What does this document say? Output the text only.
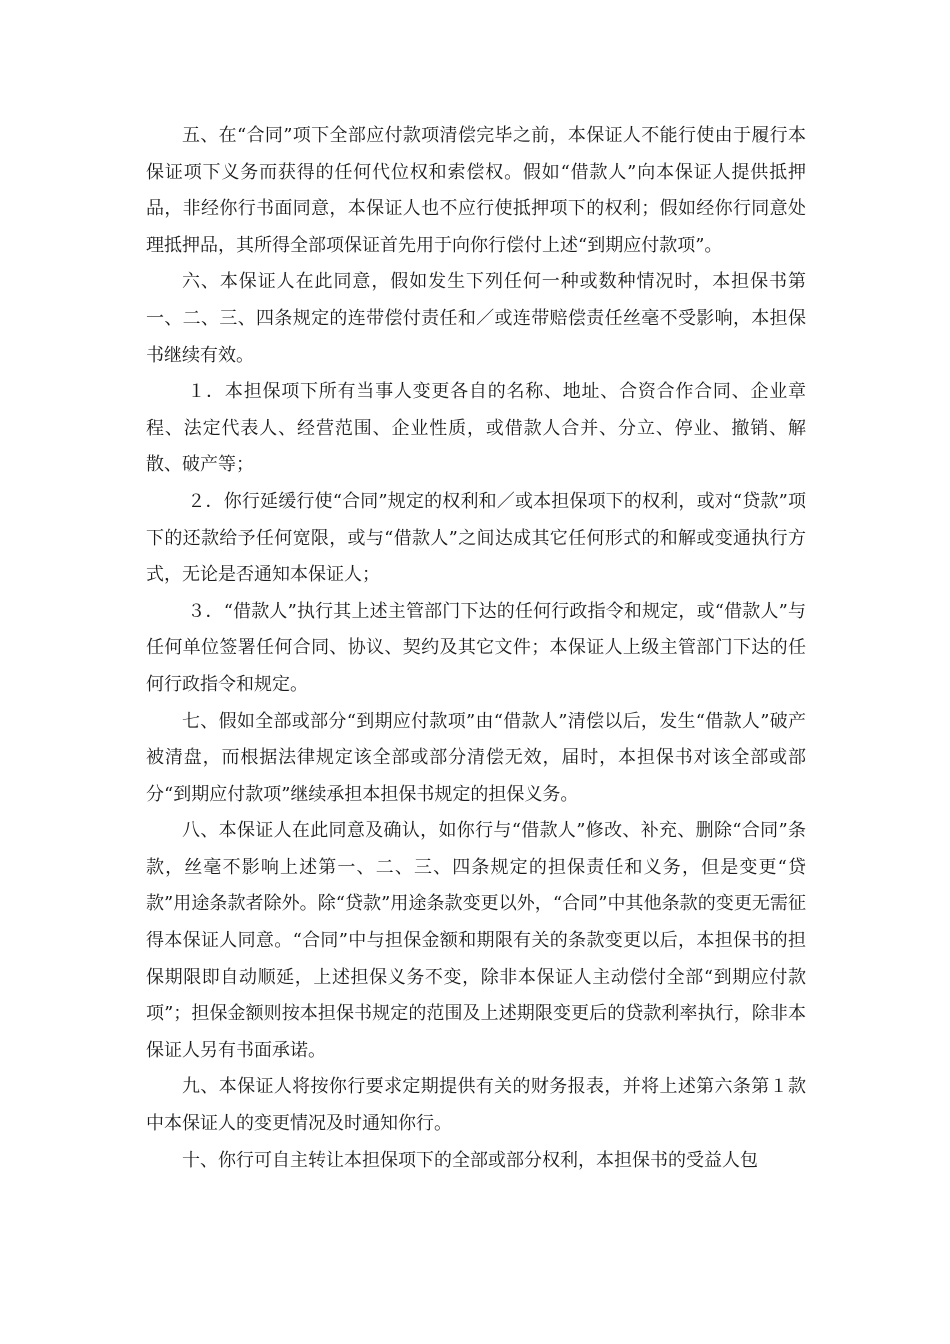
五、在“合同”项下全部应付款项清偿完毕之前，本保证人不能行使由于履行本保证项下义务而获得的任何代位权和索偿权。假如“借款人”向本保证人提供抵押品，非经你行书面同意，本保证人也不应行使抵押项下的权利；假如经你行同意处理抵押品，其所得全部项保证首先用于向你行偿付上述“到期应付款项”。

六、本保证人在此同意，假如发生下列任何一种或数种情况时，本担保书第一、二、三、四条规定的连带偿付责任和／或连带赔偿责任丝毫不受影响，本担保书继续有效。

１．本担保项下所有当事人变更各自的名称、地址、合资合作合同、企业章程、法定代表人、经营范围、企业性质，或借款人合并、分立、停业、撤销、解散、破产等；

２．你行延缓行使“合同”规定的权利和／或本担保项下的权利，或对“贷款”项下的还款给予任何宽限，或与“借款人”之间达成其它任何形式的和解或变通执行方式，无论是否通知本保证人；

３．“借款人”执行其上述主管部门下达的任何行政指令和规定，或“借款人”与任何单位签署任何合同、协议、契约及其它文件；本保证人上级主管部门下达的任何行政指令和规定。

七、假如全部或部分“到期应付款项”由“借款人”清偿以后，发生“借款人”破产被清盘，而根据法律规定该全部或部分清偿无效，届时，本担保书对该全部或部分“到期应付款项”继续承担本担保书规定的担保义务。

八、本保证人在此同意及确认，如你行与“借款人”修改、补充、删除“合同”条款，丝毫不影响上述第一、二、三、四条规定的担保责任和义务，但是变更“贷款”用途条款者除外。除“贷款”用途条款变更以外，“合同”中其他条款的变更无需征得本保证人同意。“合同”中与担保金额和期限有关的条款变更以后，本担保书的担保期限即自动顺延，上述担保义务不变，除非本保证人主动偿付全部“到期应付款项”；担保金额则按本担保书规定的范围及上述期限变更后的贷款利率执行，除非本保证人另有书面承诺。

九、本保证人将按你行要求定期提供有关的财务报表，并将上述第六条第１款中本保证人的变更情况及时通知你行。

十、你行可自主转让本担保项下的全部或部分权利，本担保书的受益人包
